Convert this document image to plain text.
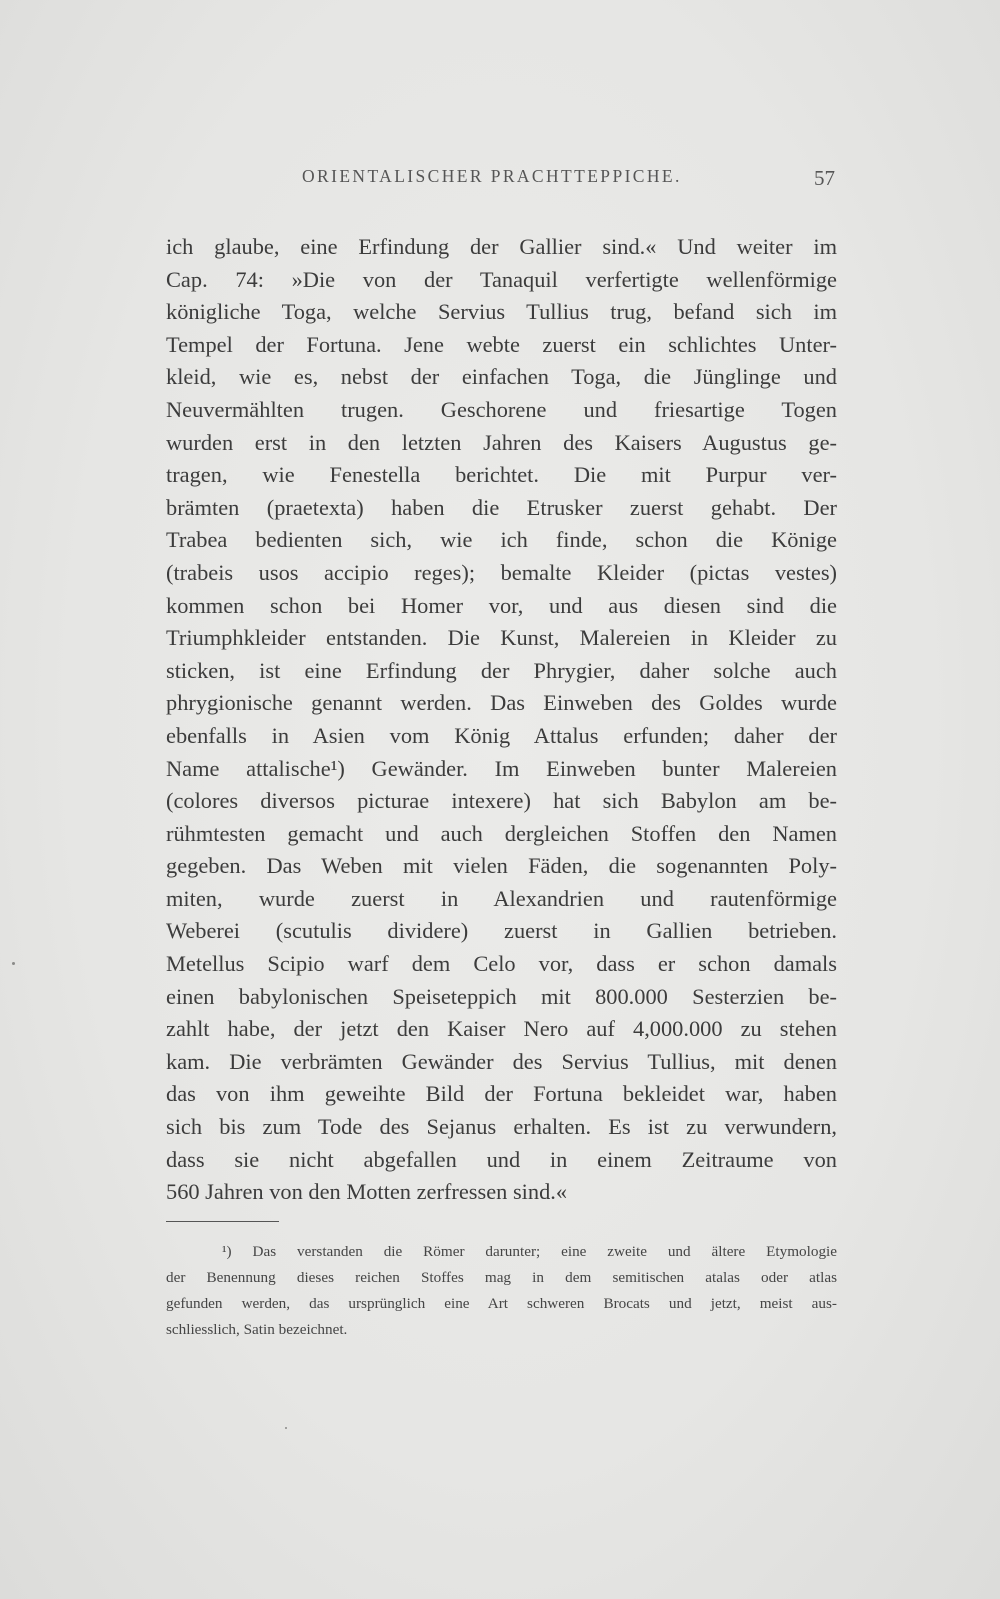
ORIENTALISCHER PRACHTTEPPICHE.	57
ich glaube, eine Erfindung der Gallier sind.« Und weiter im
Cap. 74: »Die von der Tanaquil verfertigte wellenförmige
königliche Toga, welche Servius Tullius trug, befand sich im
Tempel der Fortuna. Jene webte zuerst ein schlichtes Unter-
kleid, wie es, nebst der einfachen Toga, die Jünglinge und
Neuvermählten trugen. Geschorene und friesartige Togen
wurden erst in den letzten Jahren des Kaisers Augustus ge-
tragen, wie Fenestella berichtet. Die mit Purpur ver-
brämten (praetexta) haben die Etrusker zuerst gehabt. Der
Trabea bedienten sich, wie ich finde, schon die Könige
(trabeis usos accipio reges); bemalte Kleider (pictas vestes)
kommen schon bei Homer vor, und aus diesen sind die
Triumphkleider entstanden. Die Kunst, Malereien in Kleider zu
sticken, ist eine Erfindung der Phrygier, daher solche auch
phrygionische genannt werden. Das Einweben des Goldes wurde
ebenfalls in Asien vom König Attalus erfunden; daher der
Name attalische¹) Gewänder. Im Einweben bunter Malereien
(colores diversos picturae intexere) hat sich Babylon am be-
rühmtesten gemacht und auch dergleichen Stoffen den Namen
gegeben. Das Weben mit vielen Fäden, die sogenannten Poly-
miten, wurde zuerst in Alexandrien und rautenförmige
Weberei (scutulis dividere) zuerst in Gallien betrieben.
Metellus Scipio warf dem Celo vor, dass er schon damals
einen babylonischen Speiseteppich mit 800.000 Sesterzien be-
zahlt habe, der jetzt den Kaiser Nero auf 4,000.000 zu stehen
kam. Die verbrämten Gewänder des Servius Tullius, mit denen
das von ihm geweihte Bild der Fortuna bekleidet war, haben
sich bis zum Tode des Sejanus erhalten. Es ist zu verwundern,
dass sie nicht abgefallen und in einem Zeitraume von
560 Jahren von den Motten zerfressen sind.«
¹) Das verstanden die Römer darunter; eine zweite und ältere Etymologie
der Benennung dieses reichen Stoffes mag in dem semitischen atalas oder atlas
gefunden werden, das ursprünglich eine Art schweren Brocats und jetzt, meist aus-
schliesslich, Satin bezeichnet.
